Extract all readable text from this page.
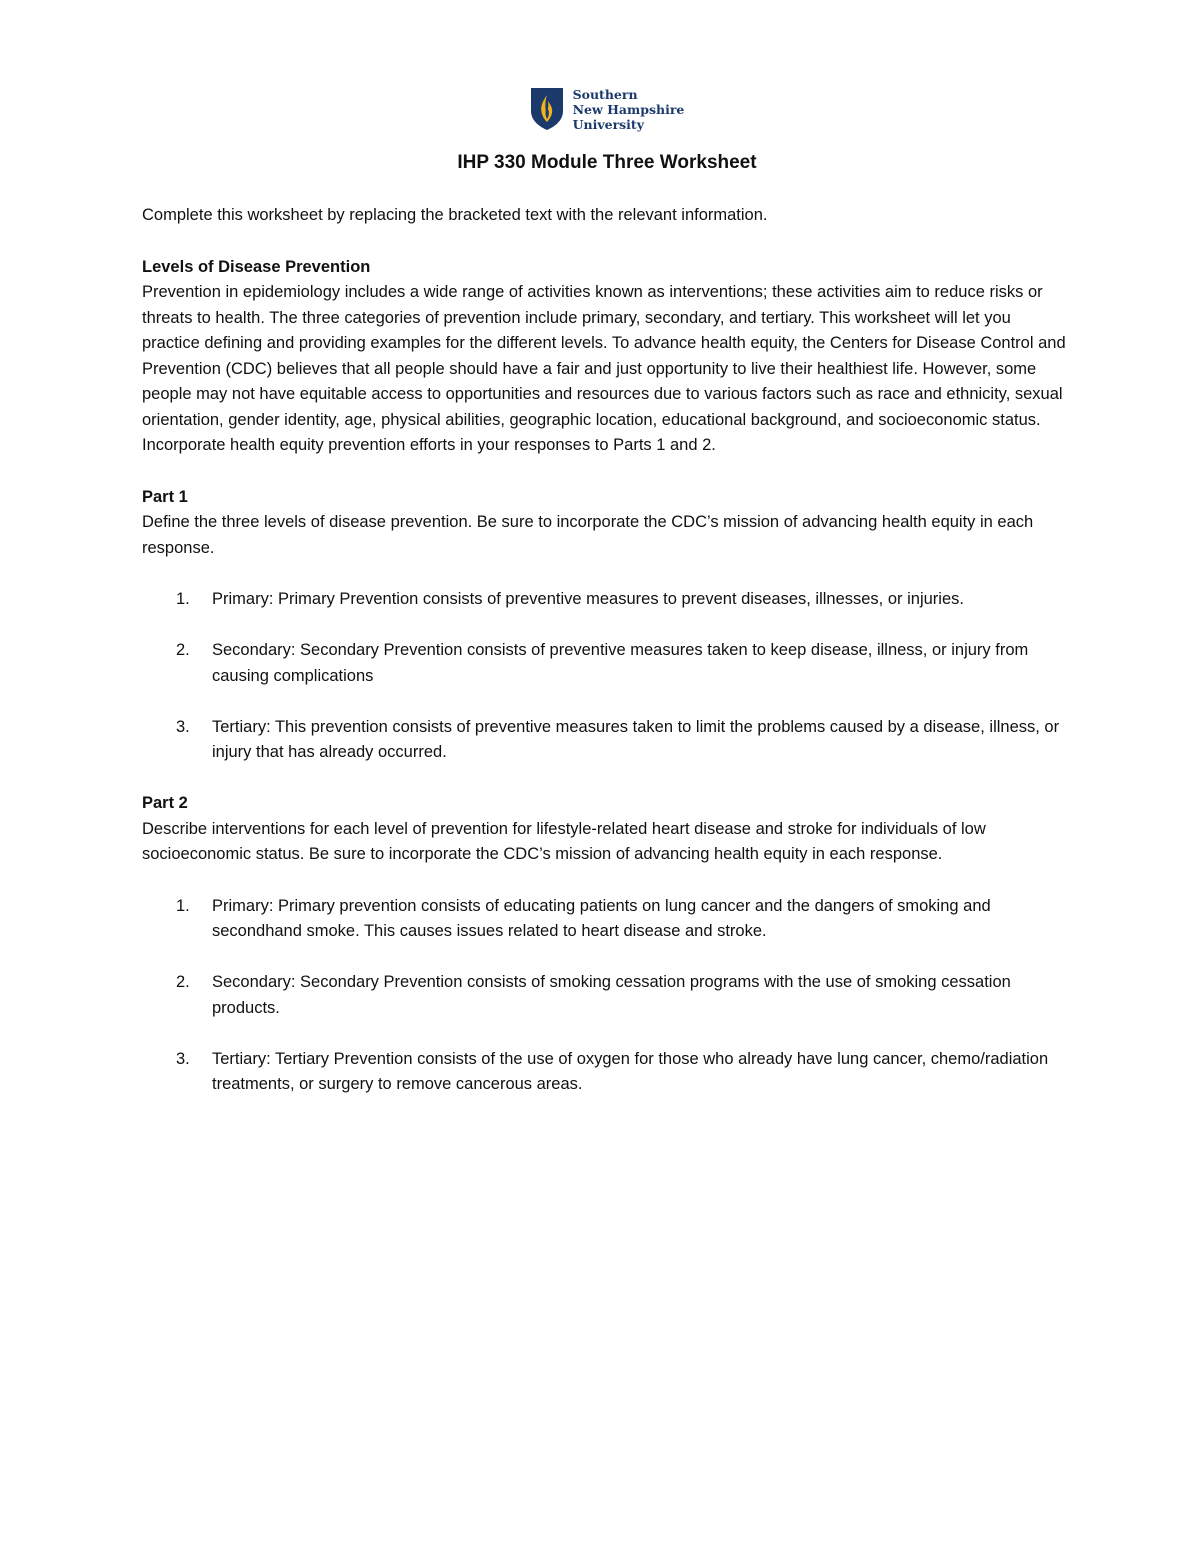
Southern
New Hampshire
University
IHP 330 Module Three Worksheet

Complete this worksheet by replacing the bracketed text with the relevant information.

Levels of Disease Prevention

Prevention in epidemiology includes a wide range of activities known as interventions; these activities aim to reduce risks or threats to health. The three categories of prevention include primary, secondary, and tertiary. This worksheet will let you practice defining and providing examples for the different levels. To advance health equity, the Centers for Disease Control and Prevention (CDC) believes that all people should have a fair and just opportunity to live their healthiest life. However, some people may not have equitable access to opportunities and resources due to various factors such as race and ethnicity, sexual orientation, gender identity, age, physical abilities, geographic location, educational background, and socioeconomic status. Incorporate health equity prevention efforts in your responses to Parts 1 and 2.

Part 1

Define the three levels of disease prevention. Be sure to incorporate the CDC’s mission of advancing health equity in each response.

1.	Primary: Primary Prevention consists of preventive measures to prevent diseases, illnesses, or injuries.
2.	Secondary: Secondary Prevention consists of preventive measures taken to keep disease, illness, or injury from causing complications
3.	Tertiary: This prevention consists of preventive measures taken to limit the problems caused by a disease, illness, or injury that has already occurred.

Part 2

Describe interventions for each level of prevention for lifestyle-related heart disease and stroke for individuals of low socioeconomic status. Be sure to incorporate the CDC’s mission of advancing health equity in each response.

1.	Primary: Primary prevention consists of educating patients on lung cancer and the dangers of smoking and secondhand smoke. This causes issues related to heart disease and stroke.
2.	Secondary: Secondary Prevention consists of smoking cessation programs with the use of smoking cessation products.
3.	Tertiary: Tertiary Prevention consists of the use of oxygen for those who already have lung cancer, chemo/radiation treatments, or surgery to remove cancerous areas.
